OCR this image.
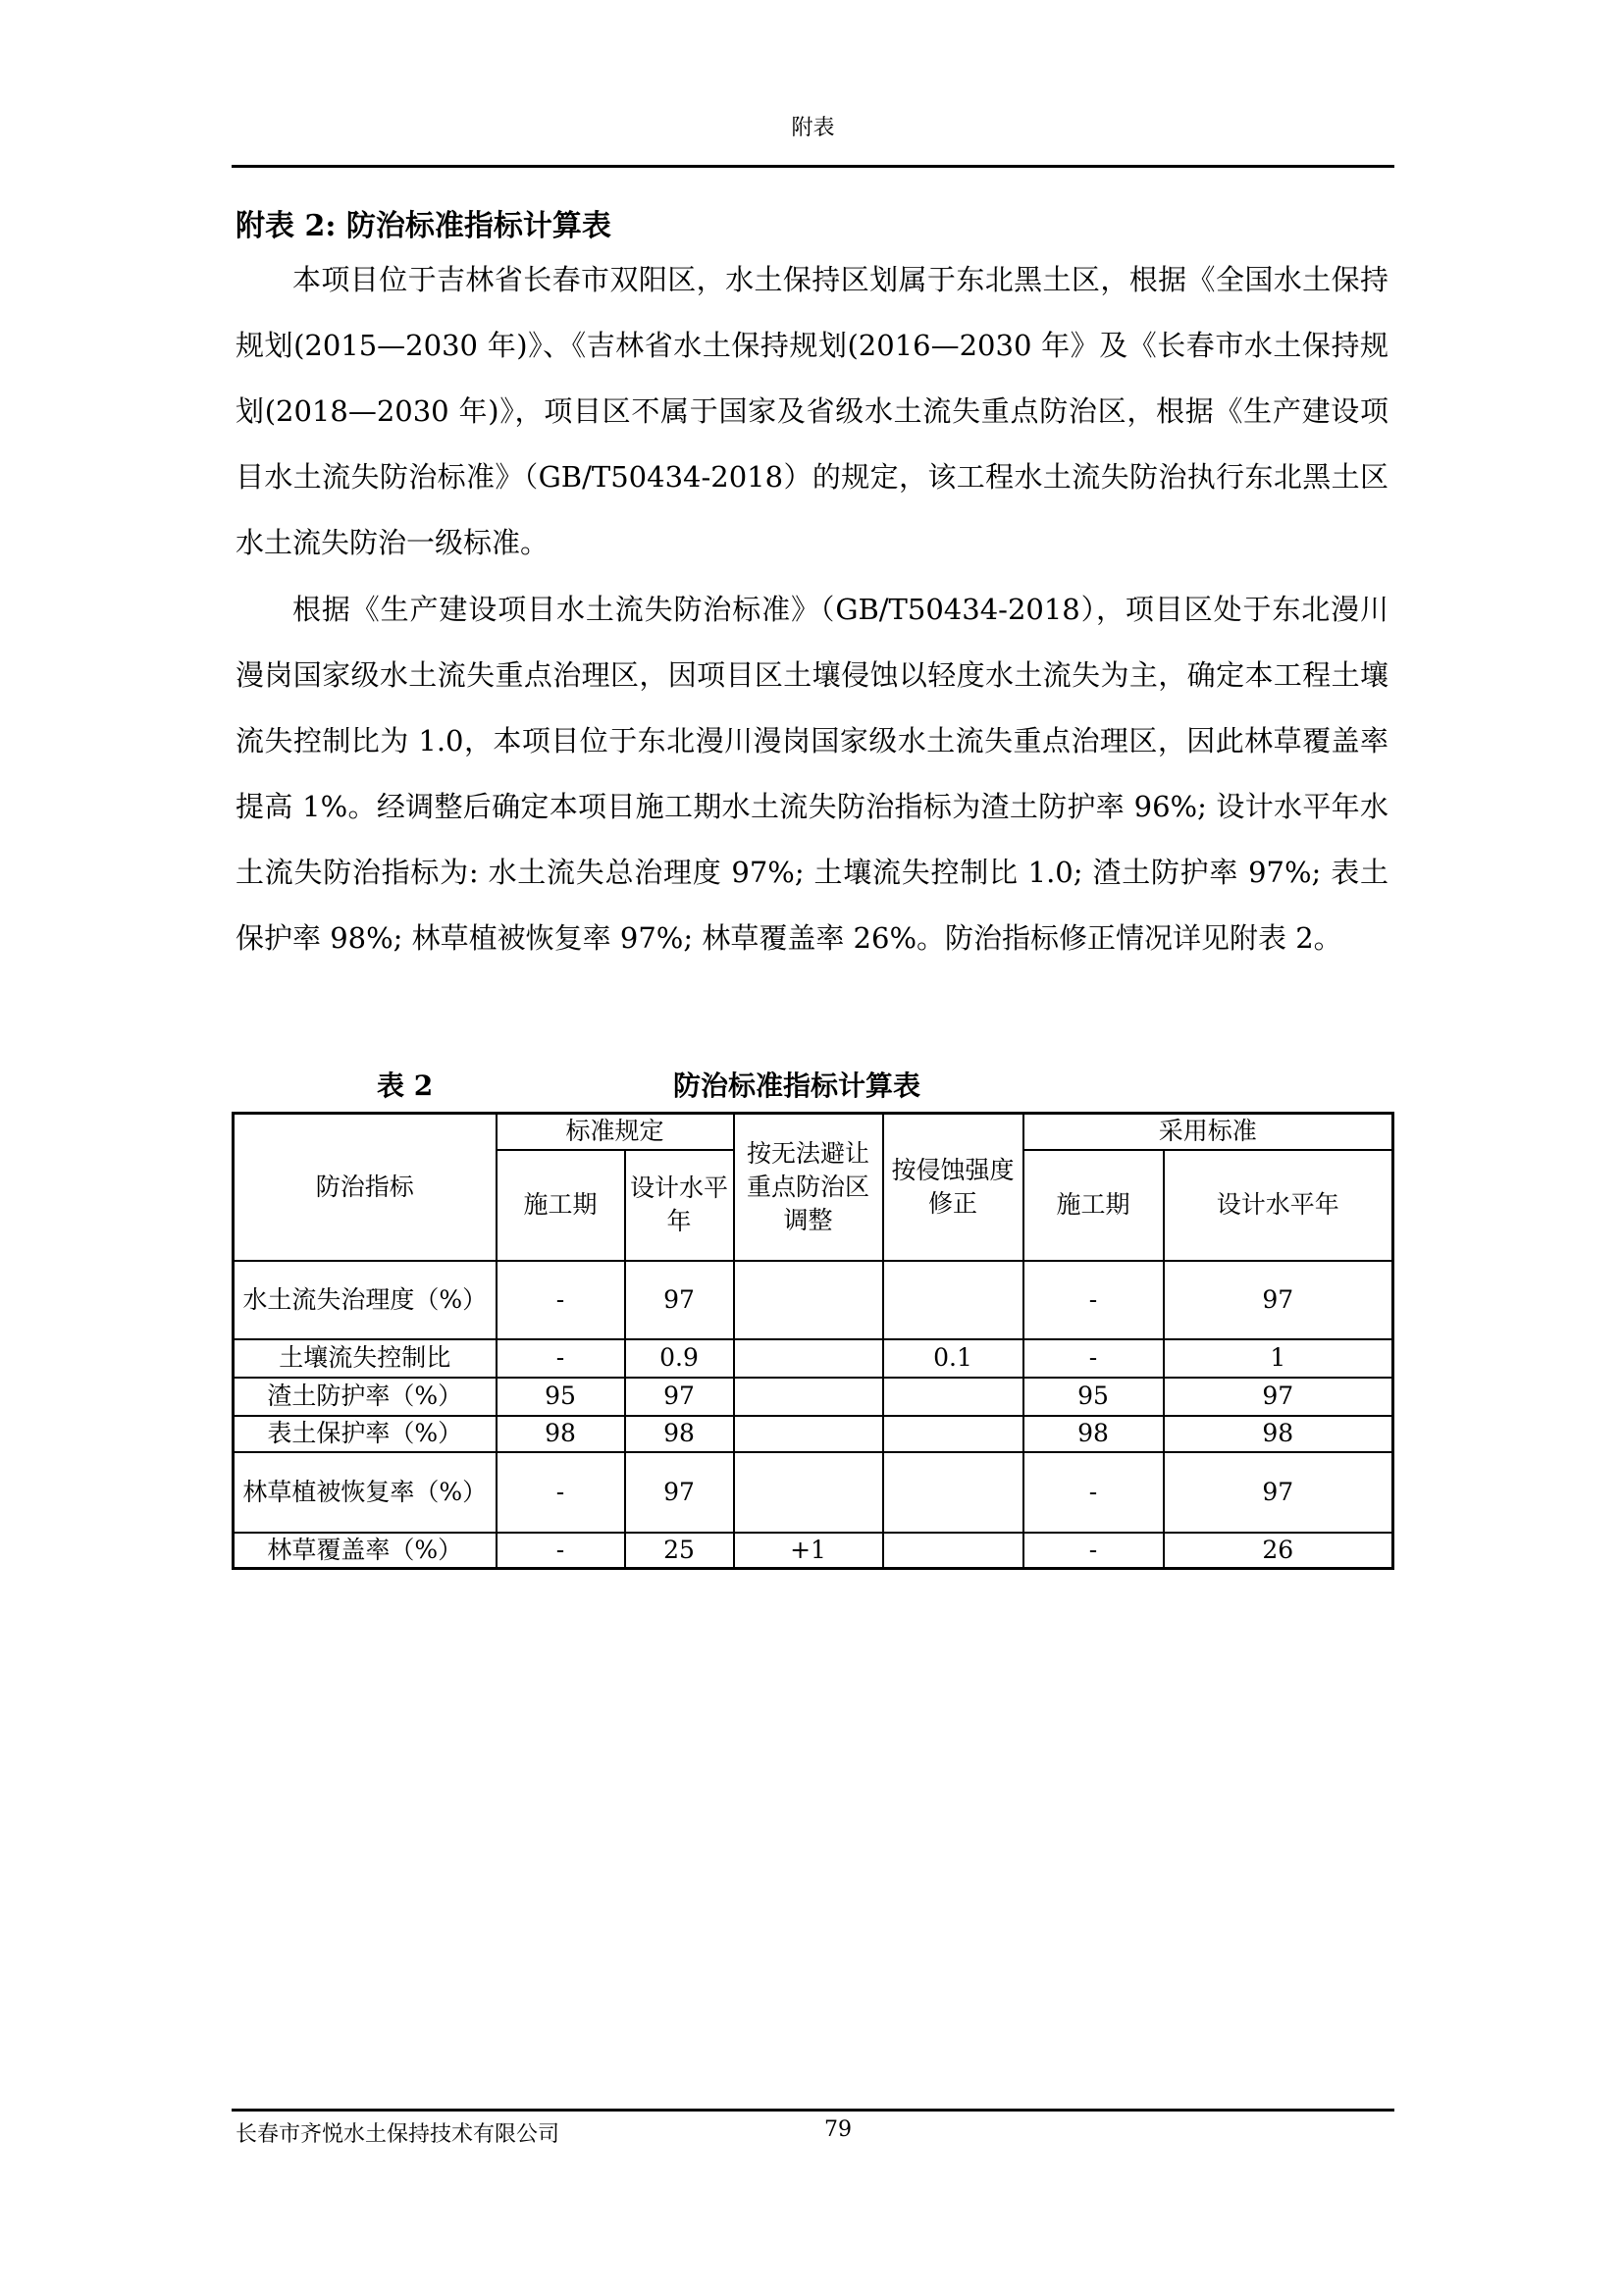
附表
附表 2: 防治标准指标计算表

本项目位于吉林省长春市双阳区，水土保持区划属于东北黑土区，根据《全国水土保持规划(2015—2030 年)》、《吉林省水土保持规划(2016—2030 年》及《长春市水土保持规划(2018—2030 年)》，项目区不属于国家及省级水土流失重点防治区，根据《生产建设项目水土流失防治标准》（GB/T50434-2018）的规定，该工程水土流失防治执行东北黑土区水土流失防治一级标准。

根据《生产建设项目水土流失防治标准》（GB/T50434-2018），项目区处于东北漫川漫岗国家级水土流失重点治理区，因项目区土壤侵蚀以轻度水土流失为主，确定本工程土壤流失控制比为 1.0，本项目位于东北漫川漫岗国家级水土流失重点治理区，因此林草覆盖率提高 1%。经调整后确定本项目施工期水土流失防治指标为渣土防护率 96%; 设计水平年水土流失防治指标为: 水土流失总治理度 97%; 土壤流失控制比 1.0; 渣土防护率 97%; 表土保护率 98%; 林草植被恢复率 97%; 林草覆盖率 26%。防治指标修正情况详见附表 2。

表 2	防治标准指标计算表
防治指标	标准规定		按无法避让重点防治区调整	按侵蚀强度修正	采用标准	
	施工期	设计水平年			施工期	设计水平年
水土流失治理度（%）	-	97			-	97
土壤流失控制比	-	0.9		0.1	-	1
渣土防护率（%）	95	97			95	97
表土保护率（%）	98	98			98	98
林草植被恢复率（%）	-	97			-	97
林草覆盖率（%）	-	25	+1		-	26
长春市齐悦水土保持技术有限公司	79
